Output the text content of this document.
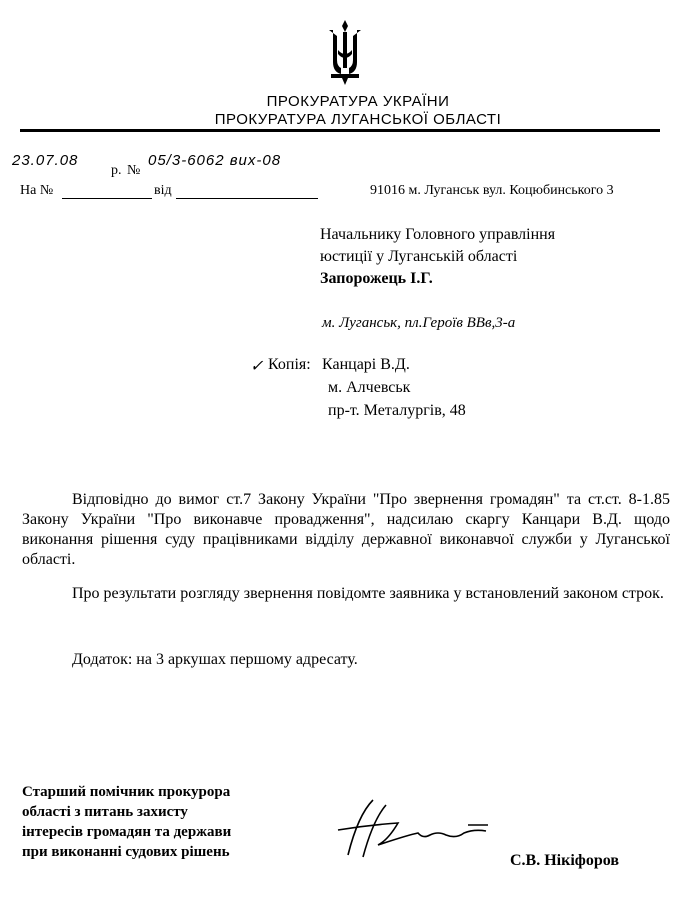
ПРОКУРАТУРА УКРАЇНИ
ПРОКУРАТУРА ЛУГАНСЬКОЇ ОБЛАСТІ
23.07.08
р. №
05/3-6062 вих-08
На №	від	91016 м. Луганськ вул. Коцюбинського 3
Начальнику Головного управління
юстиції у Луганській області
Запорожець І.Г.
м. Луганськ, пл.Героїв ВВв,3-а
✓ Копія: Канцарі В.Д.
м. Алчевськ
пр-т. Металургів, 48
Відповідно до вимог ст.7 Закону України "Про звернення громадян" та ст.ст. 8-1.85 Закону України "Про виконавче провадження", надсилаю скаргу Канцари В.Д. щодо виконання рішення суду працівниками відділу державної виконавчої служби у Луганської області.
Про результати розгляду звернення повідомте заявника у встановлений законом строк.
Додаток: на 3 аркушах першому адресату.
Старший помічник прокурора
області з питань захисту
інтересів громадян та держави
при виконанні судових рішень	С.В. Нікіфоров
